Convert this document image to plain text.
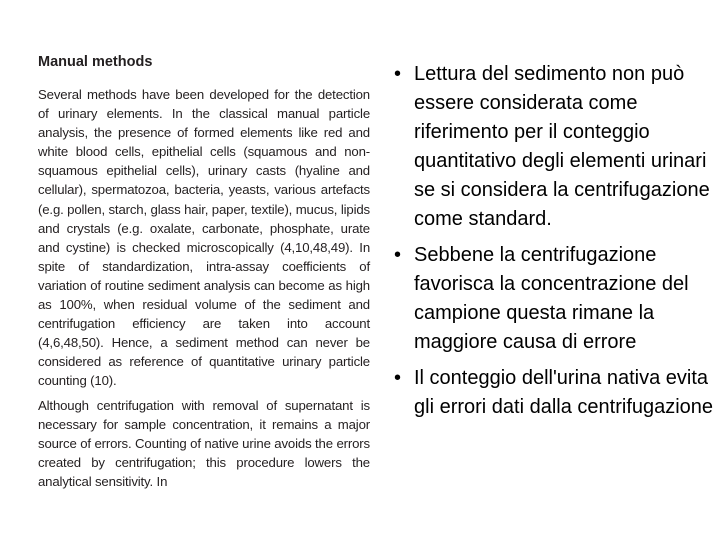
Manual methods

Several methods have been developed for the detection of urinary elements. In the classical manual particle analysis, the presence of formed elements like red and white blood cells, epithelial cells (squamous and non-squamous epithelial cells), urinary casts (hyaline and cellular), spermatozoa, bacteria, yeasts, various artefacts (e.g. pollen, starch, glass hair, paper, textile), mucus, lipids and crystals (e.g. oxalate, carbonate, phosphate, urate and cystine) is checked microscopically (4,10,48,49). In spite of standardization, intra-assay coefficients of variation of routine sediment analysis can become as high as 100%, when residual volume of the sediment and centrifugation efficiency are taken into account (4,6,48,50). Hence, a sediment method can never be considered as reference of quantitative urinary particle counting (10).

Although centrifugation with removal of supernatant is necessary for sample concentration, it remains a major source of errors. Counting of native urine avoids the errors created by centrifugation; this procedure lowers the analytical sensitivity. In

• Lettura del sedimento non può essere considerata come riferimento per il conteggio quantitativo degli elementi urinari se si considera la centrifugazione come standard.
• Sebbene la centrifugazione favorisca la concentrazione del campione questa rimane la maggiore causa di errore
• Il conteggio dell'urina nativa evita gli errori dati dalla centrifugazione
